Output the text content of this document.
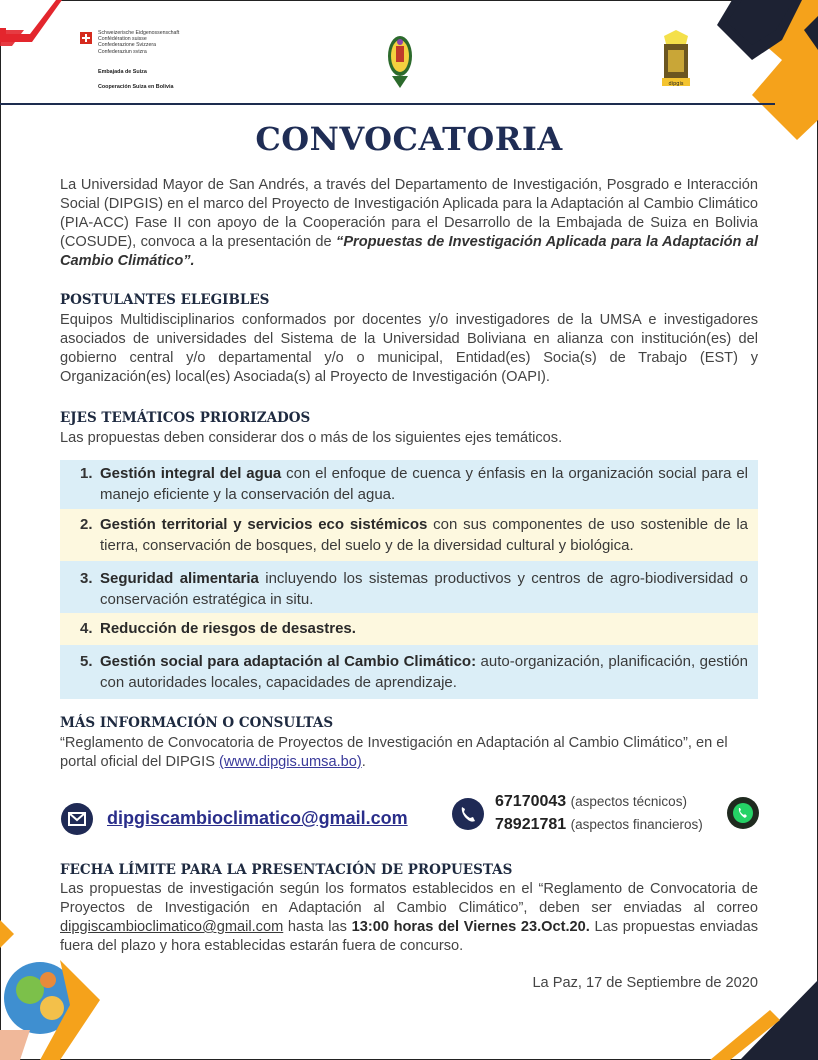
Schweizerische Eidgenossenschaft
Confédération suisse
Confederazione Svizzera
Confederaziun svizra
Embajada de Suiza
Cooperación Suiza en Bolivia	dipgis
CONVOCATORIA
La Universidad Mayor de San Andrés, a través del Departamento de Investigación, Posgrado e Interacción Social (DIPGIS) en el marco del Proyecto de Investigación Aplicada para la Adaptación al Cambio Climático (PIA-ACC) Fase II con apoyo de la Cooperación para el Desarrollo de la Embajada de Suiza en Bolivia (COSUDE), convoca a la presentación de “Propuestas de Investigación Aplicada para la Adaptación al Cambio Climático”.
POSTULANTES ELEGIBLES
Equipos Multidisciplinarios conformados por docentes y/o investigadores de la UMSA e investigadores asociados de universidades del Sistema de la Universidad Boliviana en alianza con institución(es) del gobierno central y/o departamental y/o o municipal, Entidad(es) Socia(s) de Trabajo (EST) y Organización(es) local(es) Asociada(s) al Proyecto de Investigación (OAPI).
EJES TEMÁTICOS PRIORIZADOS
Las propuestas deben considerar dos o más de los siguientes ejes temáticos.
1. Gestión integral del agua con el enfoque de cuenca y énfasis en la organización social para el manejo eficiente y la conservación del agua.
2. Gestión territorial y servicios eco sistémicos con sus componentes de uso sostenible de la tierra, conservación de bosques, del suelo y de la diversidad cultural y biológica.
3. Seguridad alimentaria incluyendo los sistemas productivos y centros de agro-biodiversidad o conservación estratégica in situ.
4. Reducción de riesgos de desastres.
5. Gestión social para adaptación al Cambio Climático: auto-organización, planificación, gestión con autoridades locales, capacidades de aprendizaje.
MÁS INFORMACIÓN O CONSULTAS
“Reglamento de Convocatoria de Proyectos de Investigación en Adaptación al Cambio Climático”, en el portal oficial del DIPGIS (www.dipgis.umsa.bo).
dipgiscambioclimatico@gmail.com
67170043 (aspectos técnicos)
78921781 (aspectos financieros)
FECHA LÍMITE PARA LA PRESENTACIÓN DE PROPUESTAS
Las propuestas de investigación según los formatos establecidos en el “Reglamento de Convocatoria de Proyectos de Investigación en Adaptación al Cambio Climático”, deben ser enviadas al correo dipgiscambioclimatico@gmail.com hasta las 13:00 horas del Viernes 23.Oct.20. Las propuestas enviadas fuera del plazo y hora establecidas estarán fuera de concurso.
La Paz, 17 de Septiembre de 2020
